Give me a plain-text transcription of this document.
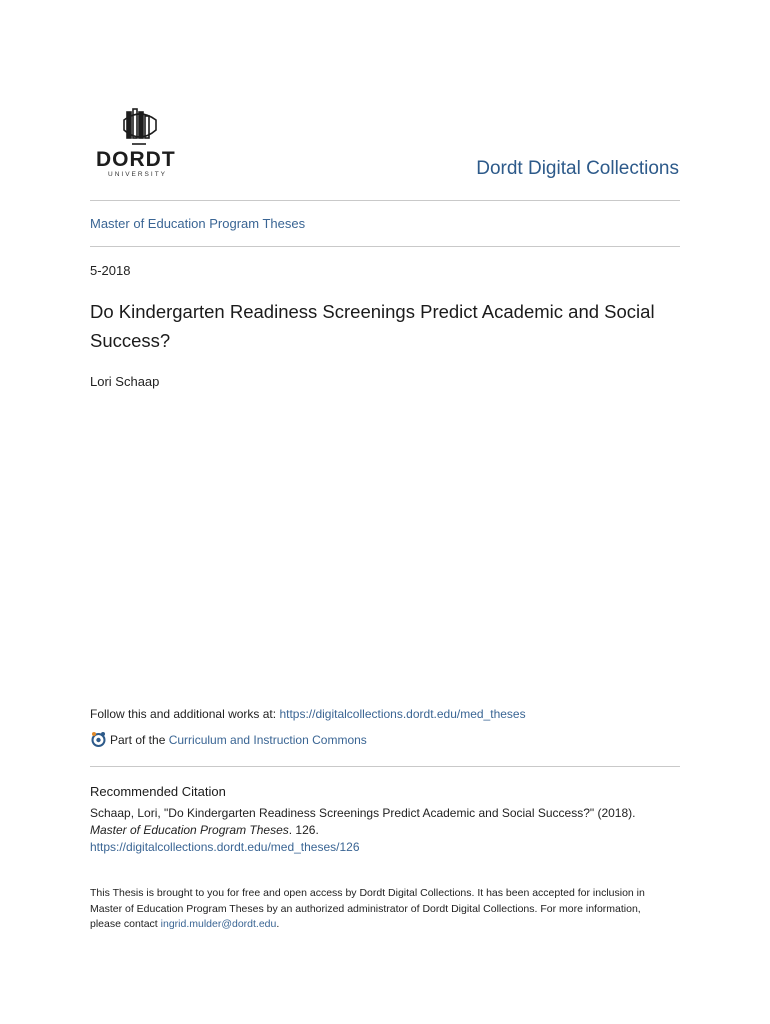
DORDT
UNIVERSITY	Dordt Digital Collections
Master of Education Program Theses
5-2018
Do Kindergarten Readiness Screenings Predict Academic and Social Success?
Lori Schaap
Follow this and additional works at: https://digitalcollections.dordt.edu/med_theses
Part of the
Curriculum and Instruction Commons
Recommended Citation
Schaap, Lori, "Do Kindergarten Readiness Screenings Predict Academic and Social Success?" (2018).
Master of Education Program Theses. 126.
https://digitalcollections.dordt.edu/med_theses/126
This Thesis is brought to you for free and open access by Dordt Digital Collections. It has been accepted for inclusion in Master of Education Program Theses by an authorized administrator of Dordt Digital Collections. For more information, please contact ingrid.mulder@dordt.edu.
